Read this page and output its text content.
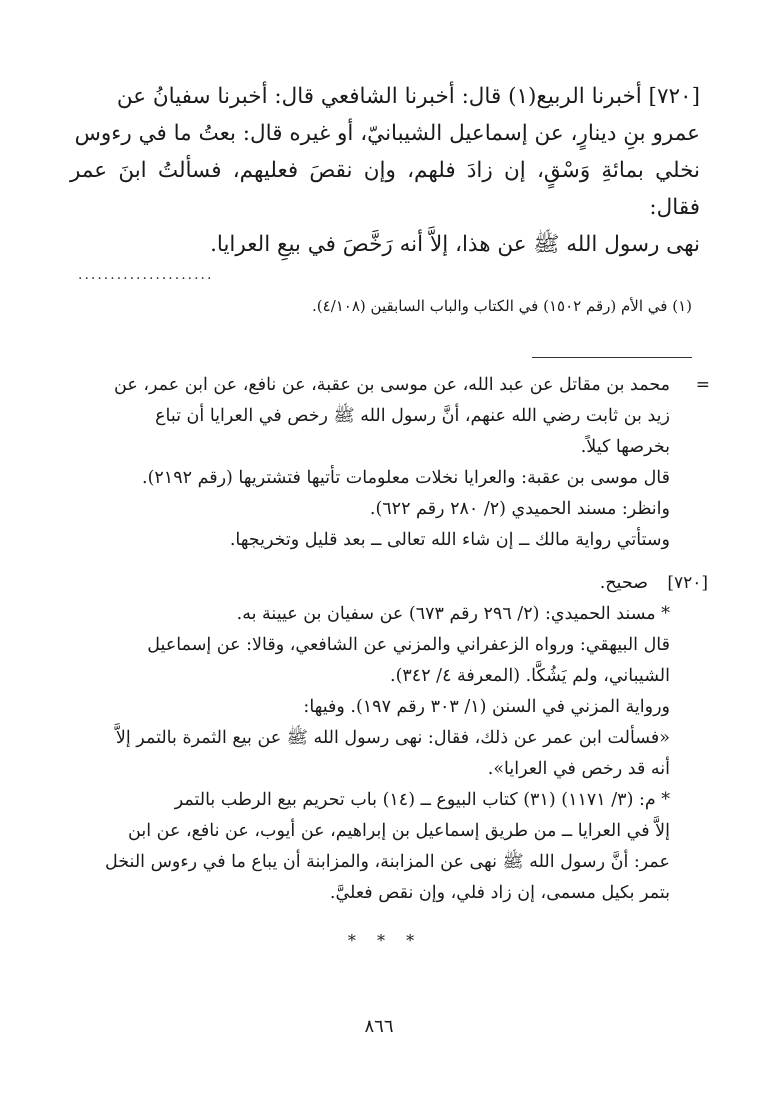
[٧٢٠] أخبرنا الربيع(١) قال: أخبرنا الشافعي قال: أخبرنا سفيانُ عن

عمرو بنِ دينارٍ، عن إسماعيل الشيبانيّ، أو غيره قال: بعتُ ما في رءوس

نخلي بمائةِ وَسْقٍ، إن زادَ فلهم، وإن نقصَ فعليهم، فسألتُ ابنَ عمر فقال:

نهى رسول الله ﷺ عن هذا، إلاَّ أنه رَخَّصَ في بيعِ العرايا.

.....................

(١) في الأم (رقم ١٥٠٢) في الكتاب والباب السابقين (٤/١٠٨).

=

محمد بن مقاتل عن عبد الله، عن موسى بن عقبة، عن نافع، عن ابن عمر، عن

زيد بن ثابت رضي الله عنهم، أنَّ رسول الله ﷺ رخص في العرايا أن تباع

بخرصها كيلاً.

قال موسى بن عقبة: والعرايا نخلات معلومات تأتيها فتشتريها (رقم ٢١٩٢).

وانظر: مسند الحميدي (٢/ ٢٨٠ رقم ٦٢٢).

وستأتي رواية مالك ــ إن شاء الله تعالى ــ بعد قليل وتخريجها.

[٧٢٠]

صحيح.

* مسند الحميدي: (٢/ ٢٩٦ رقم ٦٧٣) عن سفيان بن عيينة به.

قال البيهقي: ورواه الزعفراني والمزني عن الشافعي، وقالا: عن إسماعيل

الشيباني، ولم يَشُكَّا. (المعرفة ٤/ ٣٤٢).

ورواية المزني في السنن (١/ ٣٠٣ رقم ١٩٧). وفيها:

«فسألت ابن عمر عن ذلك، فقال: نهى رسول الله ﷺ عن بيع الثمرة بالتمر إلاَّ

أنه قد رخص في العرايا».

* م: (٣/ ١١٧١) (٣١) كتاب البيوع ــ (١٤) باب تحريم بيع الرطب بالتمر

إلاَّ في العرايا ــ من طريق إسماعيل بن إبراهيم، عن أيوب، عن نافع، عن ابن

عمر: أنَّ رسول الله ﷺ نهى عن المزابنة، والمزابنة أن يباع ما في رءوس النخل

بتمر بكيل مسمى، إن زاد فلي، وإن نقص فعليَّ.

* * *
٨٦٦
